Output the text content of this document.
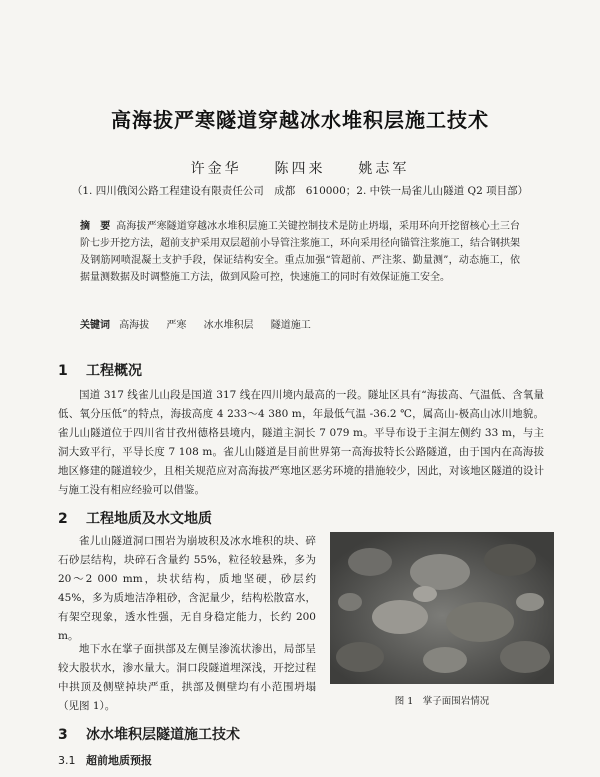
高海拔严寒隧道穿越冰水堆积层施工技术
许金华 陈四来 姚志军
（1. 四川俄闵公路工程建设有限责任公司　成都　610000；2. 中铁一局雀儿山隧道 Q2 项目部）
摘　要 高海拔严寒隧道穿越冰水堆积层施工关键控制技术是防止坍塌，采用环向开挖留核心土三台阶七步开挖方法，超前支护采用双层超前小导管注浆施工，环向采用径向锚管注浆施工，结合钢拱架及钢筋网喷混凝土支护手段，保证结构安全。重点加强“管超前、严注浆、勤量测”，动态施工，依据量测数据及时调整施工方法，做到风险可控，快速施工的同时有效保证施工安全。
关键词 高海拔 严寒 冰水堆积层 隧道施工
1 工程概况
国道 317 线雀儿山段是国道 317 线在四川境内最高的一段。隧址区具有“海拔高、气温低、含氧量低、氧分压低”的特点，海拔高度 4 233～4 380 m，年最低气温 -36.2 ℃，属高山-极高山冰川地貌。雀儿山隧道位于四川省甘孜州德格县境内，隧道主洞长 7 079 m。平导布设于主洞左侧约 33 m，与主洞大致平行，平导长度 7 108 m。雀儿山隧道是目前世界第一高海拔特长公路隧道，由于国内在高海拔地区修建的隧道较少，且相关规范应对高海拔严寒地区恶劣环境的措施较少，因此，对该地区隧道的设计与施工没有相应经验可以借鉴。
2 工程地质及水文地质
雀儿山隧道洞口围岩为崩坡积及冰水堆积的块、碎石砂层结构，块碎石含量约 55%，粒径较悬殊，多为 20～2 000 mm，块状结构，质地坚硬，砂层约 45%，多为质地洁净粗砂，含泥量少，结构松散富水，有架空现象，透水性强，无自身稳定能力，长约 200 m。
地下水在掌子面拱部及左侧呈渗流状渗出，局部呈较大股状水，渗水量大。洞口段隧道埋深浅，开挖过程中拱顶及侧壁掉块严重，拱部及侧壁均有小范围坍塌（见图 1）。	图 1　掌子面围岩情况
3 冰水堆积层隧道施工技术
3.1 超前地质预报
